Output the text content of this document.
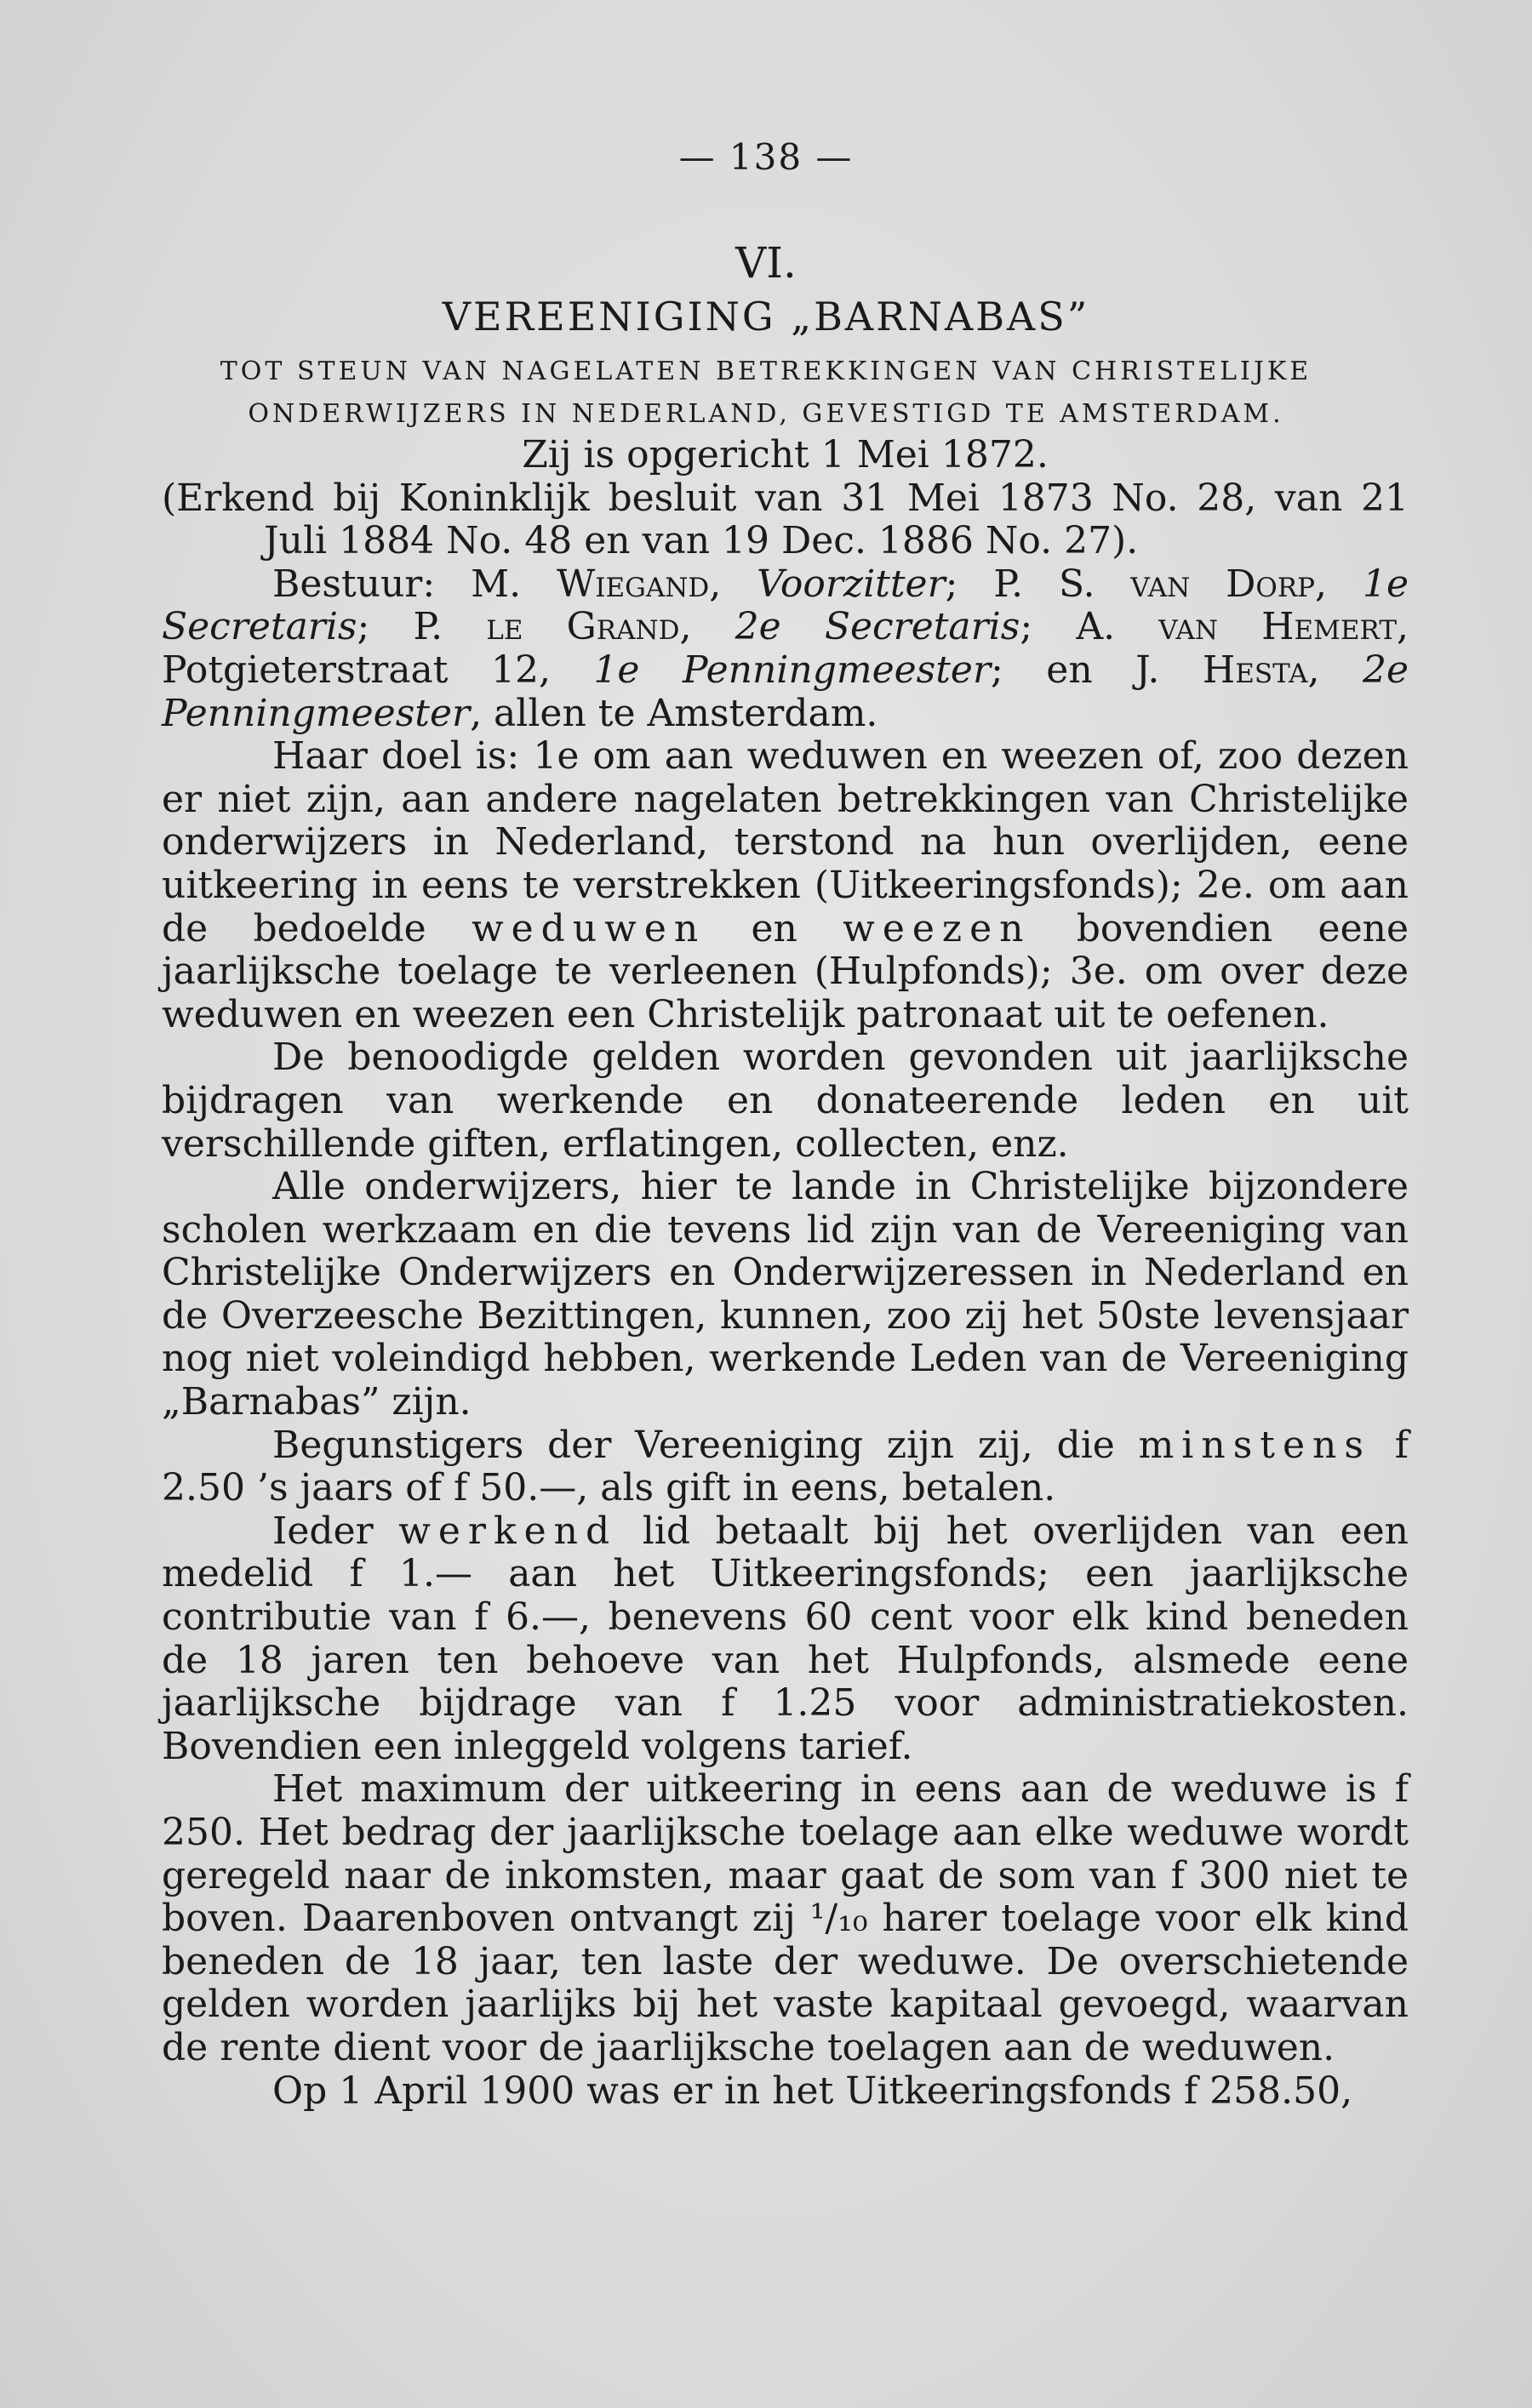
— 138 —
VI.
VEREENIGING „BARNABAS”
TOT STEUN VAN NAGELATEN BETREKKINGEN VAN CHRISTELIJKE
ONDERWIJZERS IN NEDERLAND, GEVESTIGD TE AMSTERDAM.

Zij is opgericht 1 Mei 1872.

(Erkend bij Koninklijk besluit van 31 Mei 1873 No. 28, van 21 Juli 1884 No. 48 en van 19 Dec. 1886 No. 27).

Bestuur: M. Wiegand, Voorzitter; P. S. van Dorp, 1e Secretaris; P. le Grand, 2e Secretaris; A. van Hemert, Potgieterstraat 12, 1e Penningmeester; en J. Hesta, 2e Penningmeester, allen te Amsterdam.

Haar doel is: 1e om aan weduwen en weezen of, zoo dezen er niet zijn, aan andere nagelaten betrekkingen van Christelijke onderwijzers in Nederland, terstond na hun overlijden, eene uitkeering in eens te verstrekken (Uitkeeringsfonds); 2e. om aan de bedoelde weduwen en weezen bovendien eene jaarlijksche toelage te verleenen (Hulpfonds); 3e. om over deze weduwen en weezen een Christelijk patronaat uit te oefenen.

De benoodigde gelden worden gevonden uit jaarlijksche bijdragen van werkende en donateerende leden en uit verschillende giften, erflatingen, collecten, enz.

Alle onderwijzers, hier te lande in Christelijke bijzondere scholen werkzaam en die tevens lid zijn van de Vereeniging van Christelijke Onderwijzers en Onderwijzeressen in Nederland en de Overzeesche Bezittingen, kunnen, zoo zij het 50ste levensjaar nog niet voleindigd hebben, werkende Leden van de Vereeniging „Barnabas” zijn.

Begunstigers der Vereeniging zijn zij, die minstens f 2.50 ’s jaars of f 50.—, als gift in eens, betalen.

Ieder werkend lid betaalt bij het overlijden van een medelid f 1.— aan het Uitkeeringsfonds; een jaarlijksche contributie van f 6.—, benevens 60 cent voor elk kind beneden de 18 jaren ten behoeve van het Hulpfonds, alsmede eene jaarlijksche bijdrage van f 1.25 voor administratiekosten. Bovendien een inleggeld volgens tarief.

Het maximum der uitkeering in eens aan de weduwe is f 250. Het bedrag der jaarlijksche toelage aan elke weduwe wordt geregeld naar de inkomsten, maar gaat de som van f 300 niet te boven. Daarenboven ontvangt zij ¹/₁₀ harer toelage voor elk kind beneden de 18 jaar, ten laste der weduwe. De overschietende gelden worden jaarlijks bij het vaste kapitaal gevoegd, waarvan de rente dient voor de jaarlijksche toelagen aan de weduwen.

Op 1 April 1900 was er in het Uitkeeringsfonds f 258.50,
